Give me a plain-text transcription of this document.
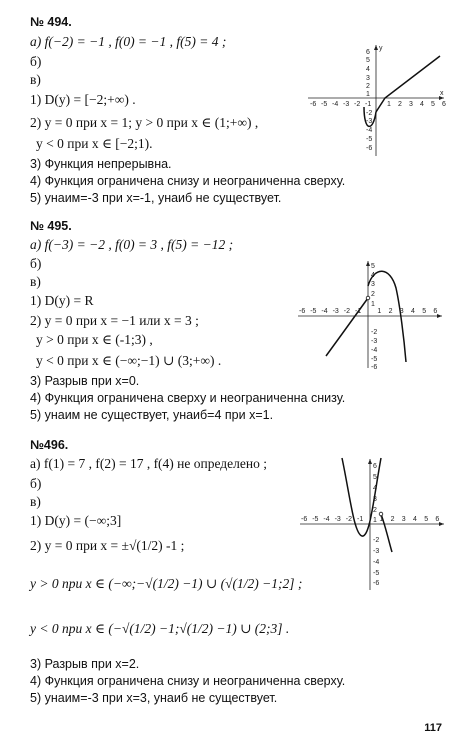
№ 494.
а) f(−2) = −1 , f(0) = −1 , f(5) = 4 ;
б)
в)
1) D(y) = [−2;+∞) .
2) y = 0 при x = 1; y > 0 при x ∈ (1;+∞) ,
y < 0 при x ∈ [−2;1).
3) Функция непрерывна.
4) Функция ограничена снизу и неограниченна сверху.
5) yнаим=-3 при x=-1, yнаиб не существует.
x
y
6
5
4
3
2
1
-2
-3
-4
-5
-6
-6 -5 -4 -3 -2 -1 1 2 3 4 5 6
№ 495.
а) f(−3) = −2 , f(0) = 3 , f(5) = −12 ;
б)
в)
1) D(y) = R
2) y = 0 при x = −1 или x = 3 ;
y > 0 при x ∈ (-1;3) ,
y < 0 при x ∈ (−∞;−1) ∪ (3;+∞) .
3) Разрыв при x=0.
4) Функция ограничена сверху и неограниченна снизу.
5) yнаим не существует, yнаиб=4 при x=1.
5
4
3
2
1
-2
-3
-4
-5
-6
-6 -5 -4 -3 -2 -1 1 2 3 4 5 6
№496.
а) f(1) = 7 , f(2) = 17 , f(4) не определено ;
б)
в)
1) D(y) = (−∞;3]
2) y = 0 при x = ±√(1/2) -1 ;
y > 0 при x ∈ (−∞;−√(1/2) −1) ∪ (√(1/2) −1;2] ;
y < 0 при x ∈ (−√(1/2) −1;√(1/2) −1) ∪ (2;3] .
3) Разрыв при x=2.
4) Функция ограничена снизу и неограниченна сверху.
5) yнаим=-3 при x=3, yнаиб не существует.
6
5
4
3
2
1
-2
-3
-4
-5
-6
-6 -5 -4 -3 -2 -1 1 2 3 4 5 6
117
